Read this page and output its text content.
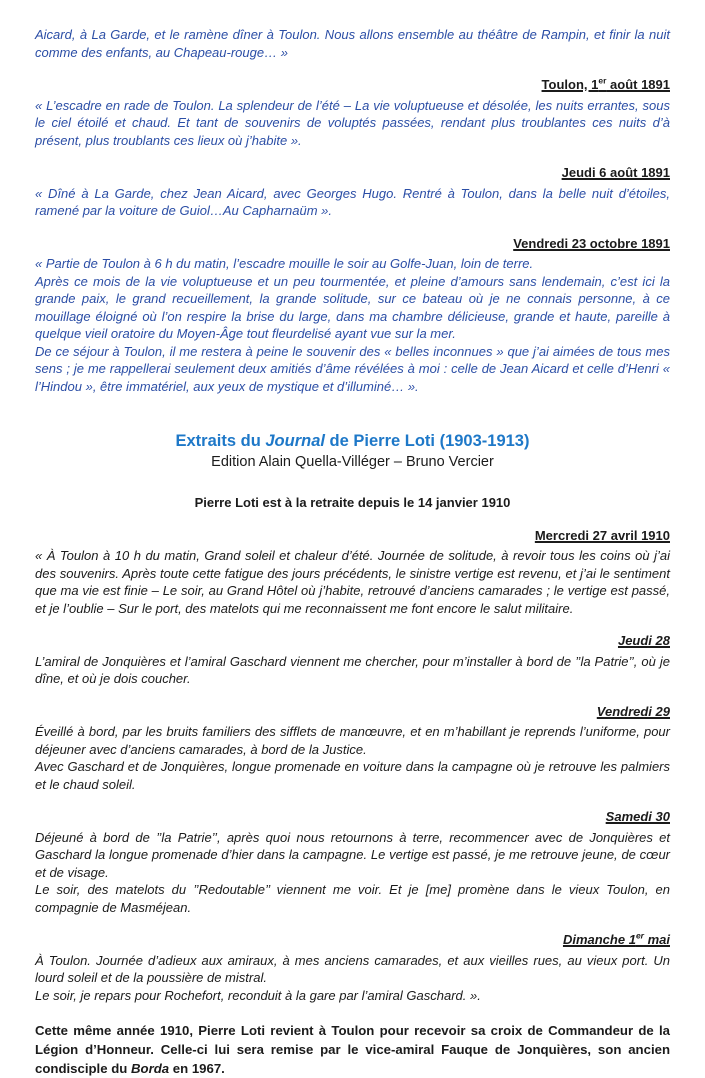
Aicard, à La Garde, et le ramène dîner à Toulon. Nous allons ensemble au théâtre de Rampin, et finir la nuit comme des enfants, au Chapeau-rouge… »

Toulon, 1er août 1891

« L’escadre en rade de Toulon. La splendeur de l’été – La vie voluptueuse et désolée, les nuits errantes, sous le ciel étoilé et chaud. Et tant de souvenirs de voluptés passées, rendant plus troublantes ces nuits d’à présent, plus troublants ces lieux où j’habite ».

Jeudi 6 août 1891

« Dîné à La Garde, chez Jean Aicard, avec Georges Hugo. Rentré à Toulon, dans la belle nuit d’étoiles, ramené par la voiture de Guiol…Au Capharnaüm ».

Vendredi 23 octobre 1891
« Partie de Toulon à 6 h du matin, l’escadre mouille le soir au Golfe-Juan, loin de terre.
Après ce mois de la vie voluptueuse et un peu tourmentée, et pleine d’amours sans lendemain, c’est ici la grande paix, le grand recueillement, la grande solitude, sur ce bateau où je ne connais personne, à ce mouillage éloigné où l’on respire la brise du large, dans ma chambre délicieuse, grande et haute, pareille à quelque vieil oratoire du Moyen-Âge tout fleurdelisé ayant vue sur la mer.
De ce séjour à Toulon, il me restera à peine le souvenir des « belles inconnues » que j’ai aimées de tous mes sens ; je me rappellerai seulement deux amitiés d’âme révélées à moi : celle de Jean Aicard et celle d’Henri « l’Hindou », être immatériel, aux yeux de mystique et d’illuminé… ».
Extraits du Journal de Pierre Loti (1903-1913)
Edition Alain Quella-Villéger – Bruno Vercier
Pierre Loti est à la retraite depuis le 14 janvier 1910
Mercredi 27 avril 1910

« À Toulon à 10 h du matin, Grand soleil et chaleur d’été. Journée de solitude, à revoir tous les coins où j’ai des souvenirs. Après toute cette fatigue des jours précédents, le sinistre vertige est revenu, et j’ai le sentiment que ma vie est finie – Le soir, au Grand Hôtel où j’habite, retrouvé d’anciens camarades ; le vertige est passé, et je l’oublie – Sur le port, des matelots qui me reconnaissent me font encore le salut militaire.

Jeudi 28

L’amiral de Jonquières et l’amiral Gaschard viennent me chercher, pour m’installer à bord de ’’la Patrie’’, où je dîne, et où je dois coucher.

Vendredi 29
Éveillé à bord, par les bruits familiers des sifflets de manœuvre, et en m’habillant je reprends l’uniforme, pour déjeuner avec d’anciens camarades, à bord de la Justice.
Avec Gaschard et de Jonquières, longue promenade en voiture dans la campagne où je retrouve les palmiers et le chaud soleil.
Samedi 30
Déjeuné à bord de ’’la Patrie’’, après quoi nous retournons à terre, recommencer avec de Jonquières et Gaschard la longue promenade d’hier dans la campagne. Le vertige est passé, je me retrouve jeune, de cœur et de visage.
Le soir, des matelots du ’’Redoutable’’ viennent me voir. Et je [me] promène dans le vieux Toulon, en compagnie de Masméjean.
Dimanche 1er mai
À Toulon. Journée d’adieux aux amiraux, à mes anciens camarades, et aux vieilles rues, au vieux port. Un lourd soleil et de la poussière de mistral.
Le soir, je repars pour Rochefort, reconduit à la gare par l’amiral Gaschard. ».
Cette même année 1910, Pierre Loti revient à Toulon pour recevoir sa croix de Commandeur de la Légion d’Honneur. Celle-ci lui sera remise par le vice-amiral Fauque de Jonquières, son ancien condisciple du Borda en 1967.
